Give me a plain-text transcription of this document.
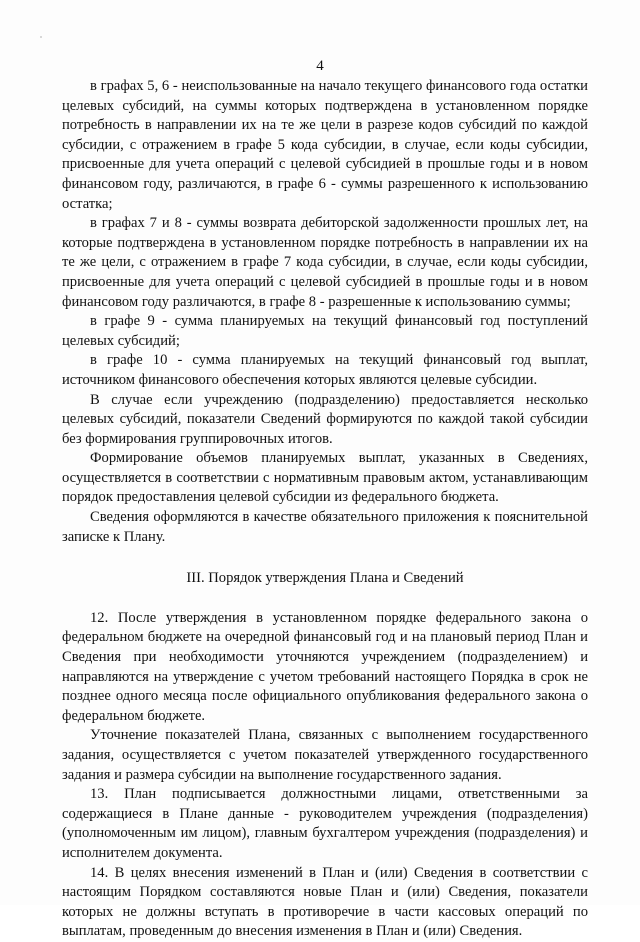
4

в графах 5, 6 - неиспользованные на начало текущего финансового года остатки целевых субсидий, на суммы которых подтверждена в установленном порядке потребность в направлении их на те же цели в разрезе кодов субсидий по каждой субсидии, с отражением в графе 5 кода субсидии, в случае, если коды субсидии, присвоенные для учета операций с целевой субсидией в прошлые годы и в новом финансовом году, различаются, в графе 6 - суммы разрешенного к использованию остатка;

в графах 7 и 8 - суммы возврата дебиторской задолженности прошлых лет, на которые подтверждена в установленном порядке потребность в направлении их на те же цели, с отражением в графе 7 кода субсидии, в случае, если коды субсидии, присвоенные для учета операций с целевой субсидией в прошлые годы и в новом финансовом году различаются, в графе 8 - разрешенные к использованию суммы;

в графе 9 - сумма планируемых на текущий финансовый год поступлений целевых субсидий;

в графе 10 - сумма планируемых на текущий финансовый год выплат, источником финансового обеспечения которых являются целевые субсидии.

В случае если учреждению (подразделению) предоставляется несколько целевых субсидий, показатели Сведений формируются по каждой такой субсидии без формирования группировочных итогов.

Формирование объемов планируемых выплат, указанных в Сведениях, осуществляется в соответствии с нормативным правовым актом, устанавливающим порядок предоставления целевой субсидии из федерального бюджета.

Сведения оформляются в качестве обязательного приложения к пояснительной записке к Плану.

III. Порядок утверждения Плана и Сведений

12. После утверждения в установленном порядке федерального закона о федеральном бюджете на очередной финансовый год и на плановый период План и Сведения при необходимости уточняются учреждением (подразделением) и направляются на утверждение с учетом требований настоящего Порядка в срок не позднее одного месяца после официального опубликования федерального закона о федеральном бюджете.

Уточнение показателей Плана, связанных с выполнением государственного задания, осуществляется с учетом показателей утвержденного государственного задания и размера субсидии на выполнение государственного задания.

13. План подписывается должностными лицами, ответственными за содержащиеся в Плане данные - руководителем учреждения (подразделения) (уполномоченным им лицом), главным бухгалтером учреждения (подразделения) и исполнителем документа.

14. В целях внесения изменений в План и (или) Сведения в соответствии с настоящим Порядком составляются новые План и (или) Сведения, показатели которых не должны вступать в противоречие в части кассовых операций по выплатам, проведенным до внесения изменения в План и (или) Сведения.
